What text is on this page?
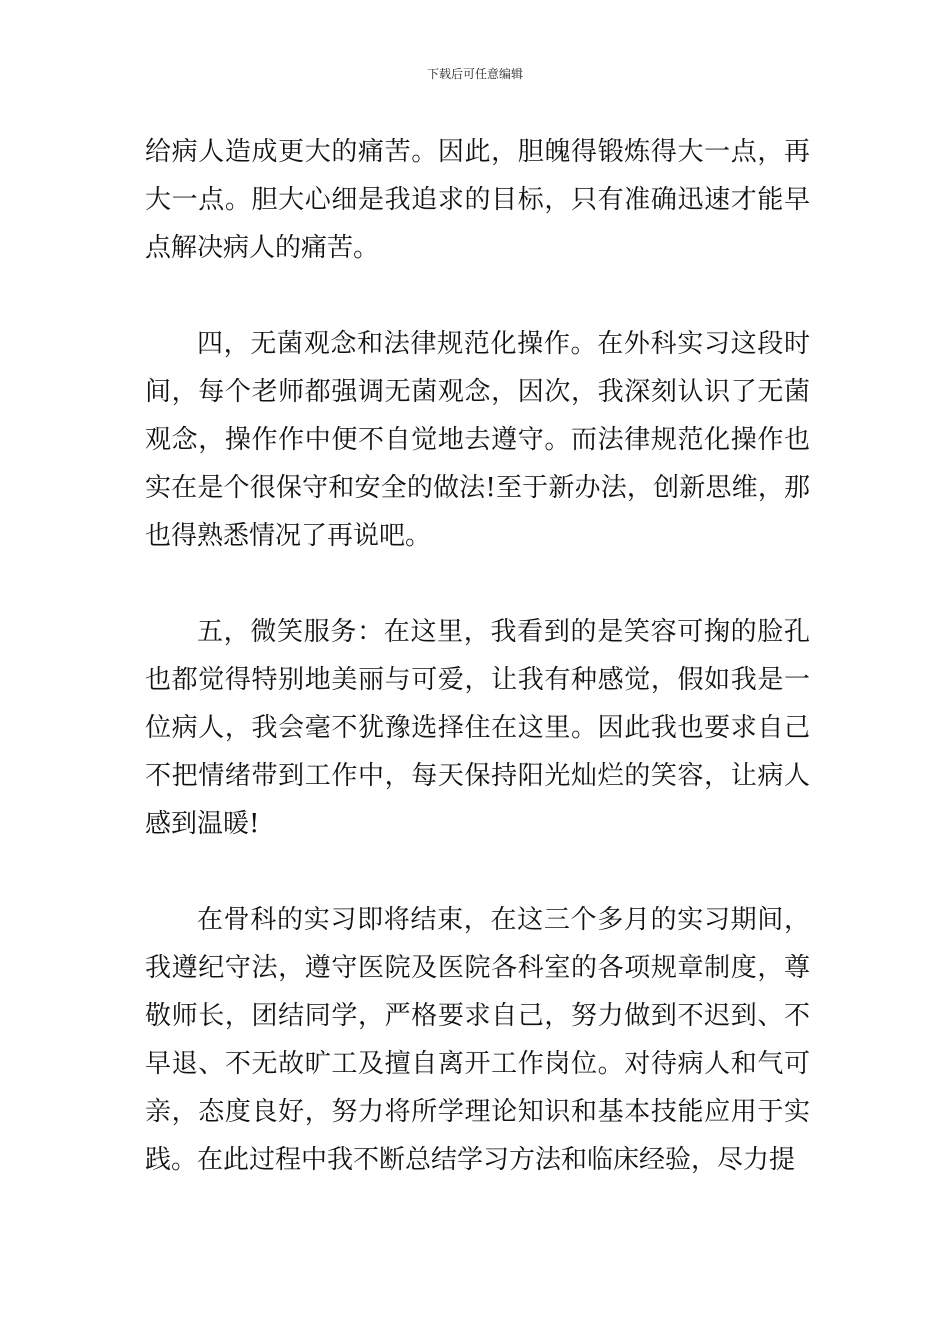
下载后可任意编辑

给病人造成更大的痛苦。因此，胆魄得锻炼得大一点，再大一点。胆大心细是我追求的目标，只有准确迅速才能早点解决病人的痛苦。

四，无菌观念和法律规范化操作。在外科实习这段时间，每个老师都强调无菌观念，因次，我深刻认识了无菌观念，操作作中便不自觉地去遵守。而法律规范化操作也实在是个很保守和安全的做法!至于新办法，创新思维，那也得熟悉情况了再说吧。

五，微笑服务：在这里，我看到的是笑容可掬的脸孔也都觉得特别地美丽与可爱，让我有种感觉，假如我是一位病人，我会毫不犹豫选择住在这里。因此我也要求自己不把情绪带到工作中，每天保持阳光灿烂的笑容，让病人感到温暖!

在骨科的实习即将结束，在这三个多月的实习期间，我遵纪守法，遵守医院及医院各科室的各项规章制度，尊敬师长，团结同学，严格要求自己，努力做到不迟到、不早退、不无故旷工及擅自离开工作岗位。对待病人和气可亲，态度良好，努力将所学理论知识和基本技能应用于实践。在此过程中我不断总结学习方法和临床经验，尽力提
